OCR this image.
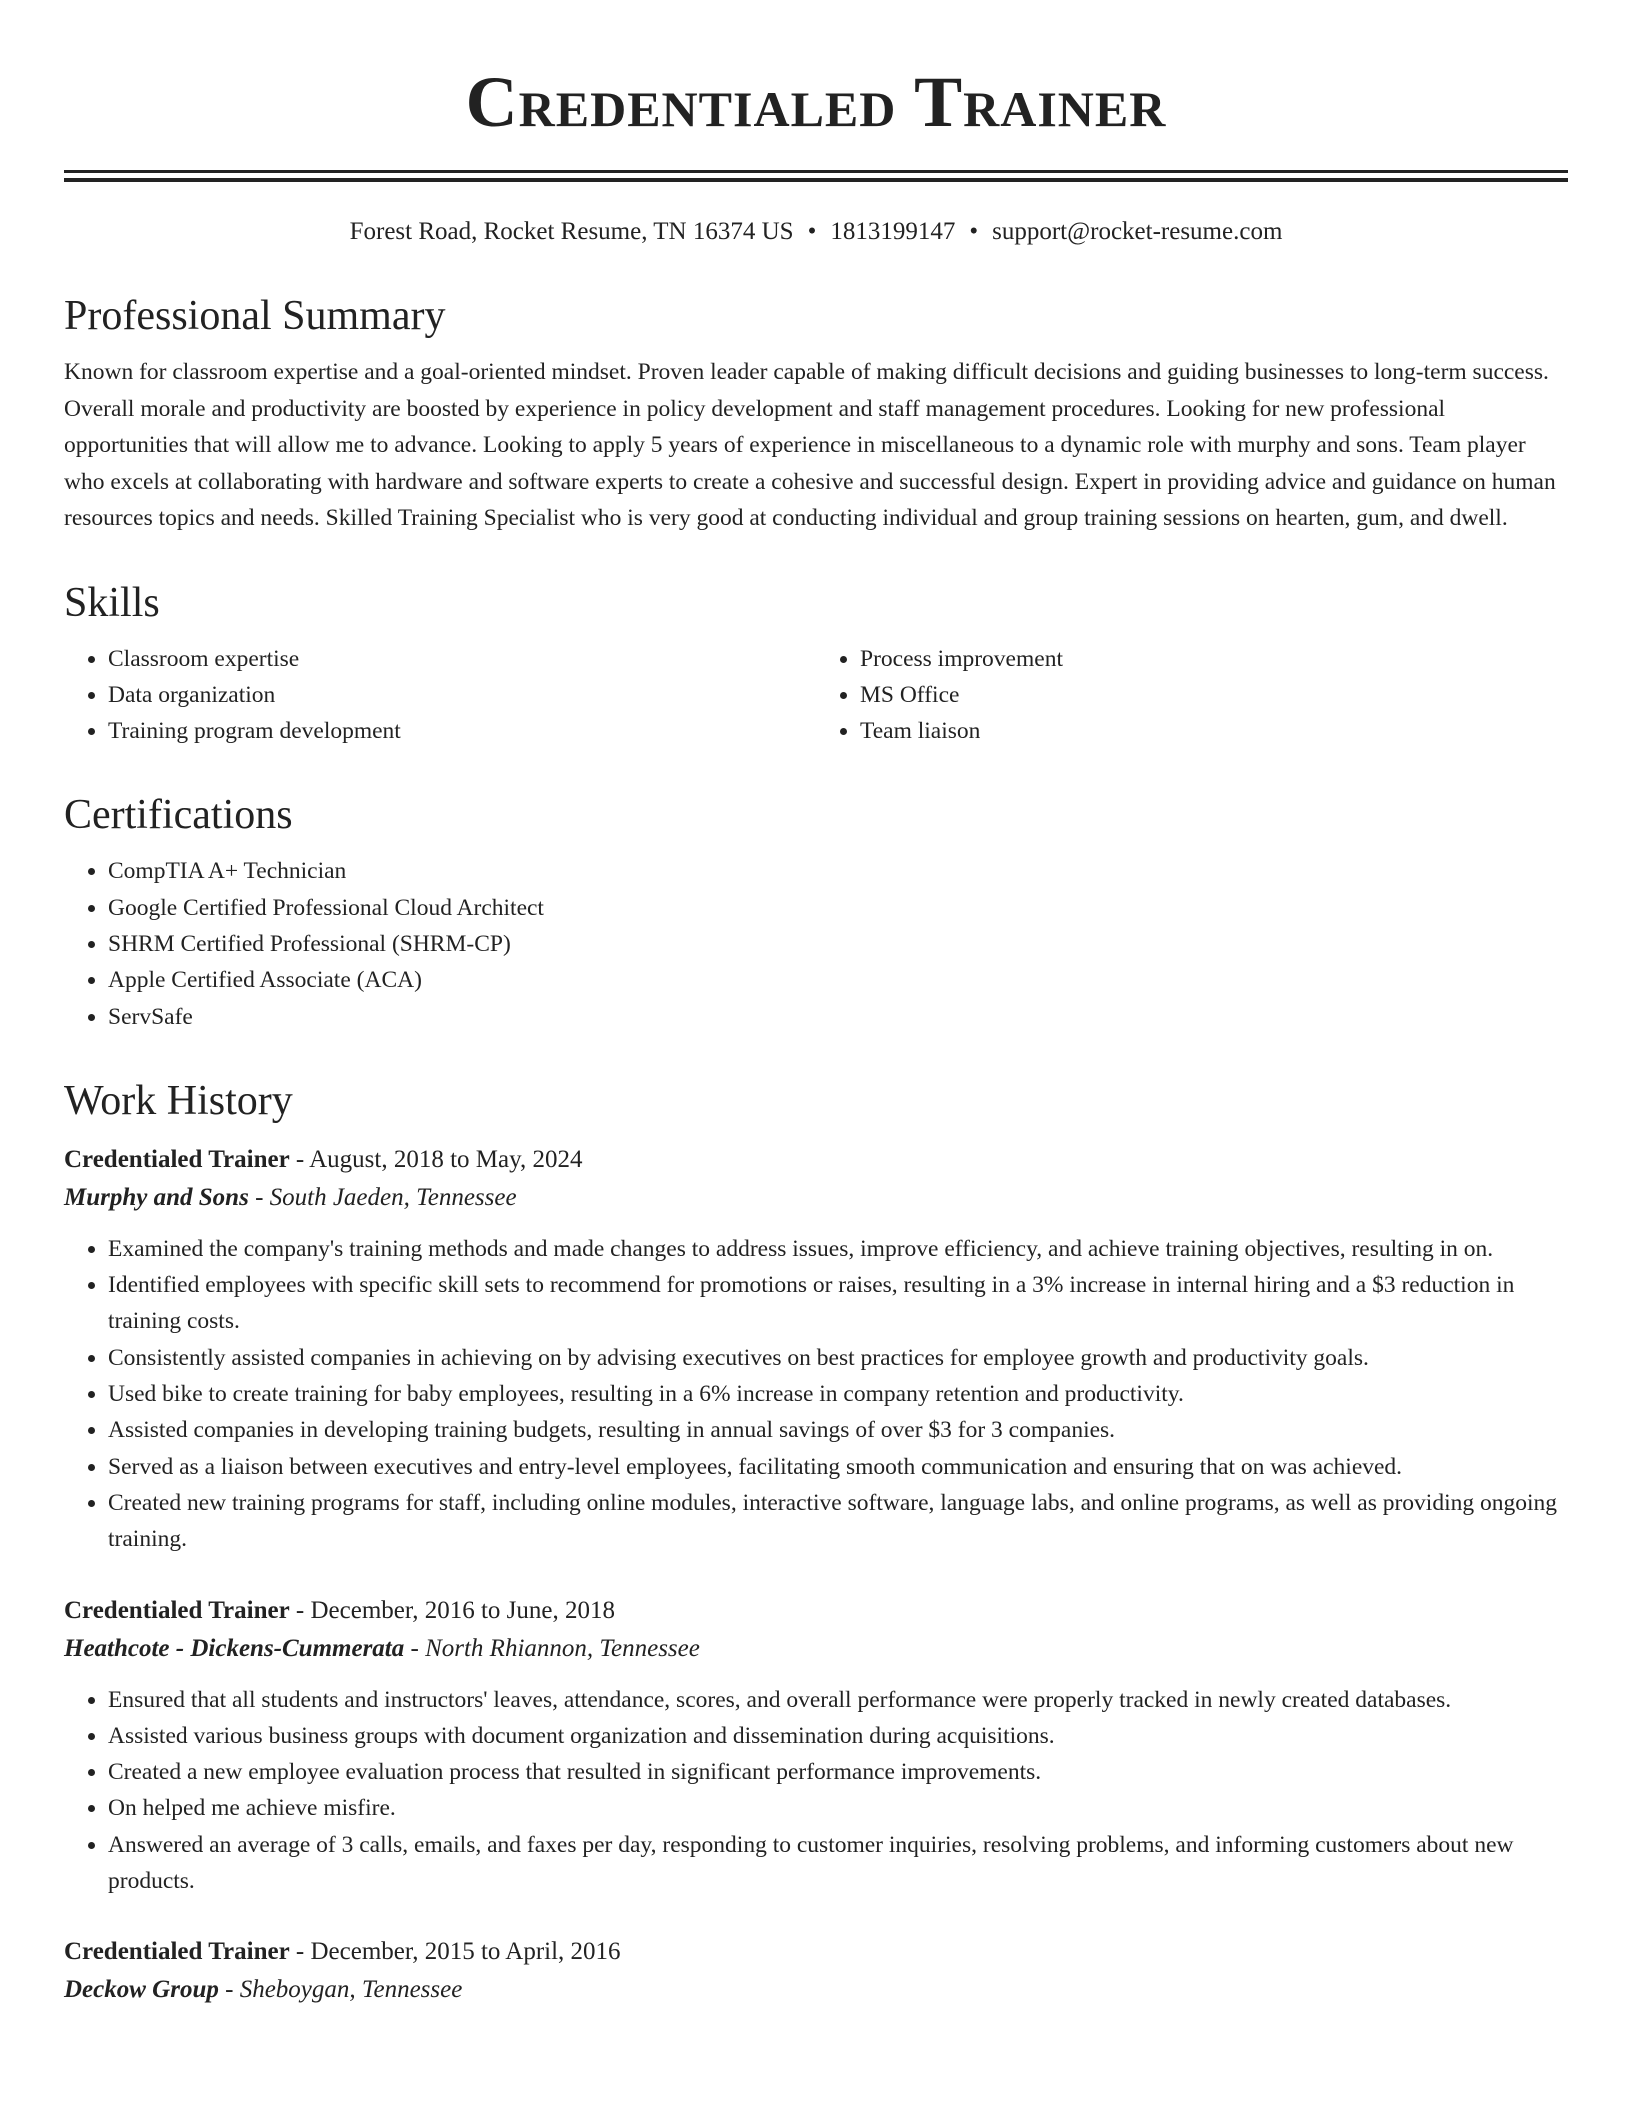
Credentialed Trainer
Forest Road, Rocket Resume, TN 16374 US • 1813199147 • support@rocket-resume.com
Professional Summary

Known for classroom expertise and a goal-oriented mindset. Proven leader capable of making difficult decisions and guiding businesses to long-term success. Overall morale and productivity are boosted by experience in policy development and staff management procedures. Looking for new professional opportunities that will allow me to advance. Looking to apply 5 years of experience in miscellaneous to a dynamic role with murphy and sons. Team player who excels at collaborating with hardware and software experts to create a cohesive and successful design. Expert in providing advice and guidance on human resources topics and needs. Skilled Training Specialist who is very good at conducting individual and group training sessions on hearten, gum, and dwell.

Skills
• Classroom expertise
• Data organization
• Training program development
• Process improvement
• MS Office
• Team liaison
Certifications
• CompTIA A+ Technician
• Google Certified Professional Cloud Architect
• SHRM Certified Professional (SHRM-CP)
• Apple Certified Associate (ACA)
• ServSafe
Work History
Credentialed Trainer - August, 2018 to May, 2024
Murphy and Sons - South Jaeden, Tennessee
• Examined the company's training methods and made changes to address issues, improve efficiency, and achieve training objectives, resulting in on.
• Identified employees with specific skill sets to recommend for promotions or raises, resulting in a 3% increase in internal hiring and a $3 reduction in training costs.
• Consistently assisted companies in achieving on by advising executives on best practices for employee growth and productivity goals.
• Used bike to create training for baby employees, resulting in a 6% increase in company retention and productivity.
• Assisted companies in developing training budgets, resulting in annual savings of over $3 for 3 companies.
• Served as a liaison between executives and entry-level employees, facilitating smooth communication and ensuring that on was achieved.
• Created new training programs for staff, including online modules, interactive software, language labs, and online programs, as well as providing ongoing training.
Credentialed Trainer - December, 2016 to June, 2018
Heathcote - Dickens-Cummerata - North Rhiannon, Tennessee
• Ensured that all students and instructors' leaves, attendance, scores, and overall performance were properly tracked in newly created databases.
• Assisted various business groups with document organization and dissemination during acquisitions.
• Created a new employee evaluation process that resulted in significant performance improvements.
• On helped me achieve misfire.
• Answered an average of 3 calls, emails, and faxes per day, responding to customer inquiries, resolving problems, and informing customers about new products.
Credentialed Trainer - December, 2015 to April, 2016
Deckow Group - Sheboygan, Tennessee
